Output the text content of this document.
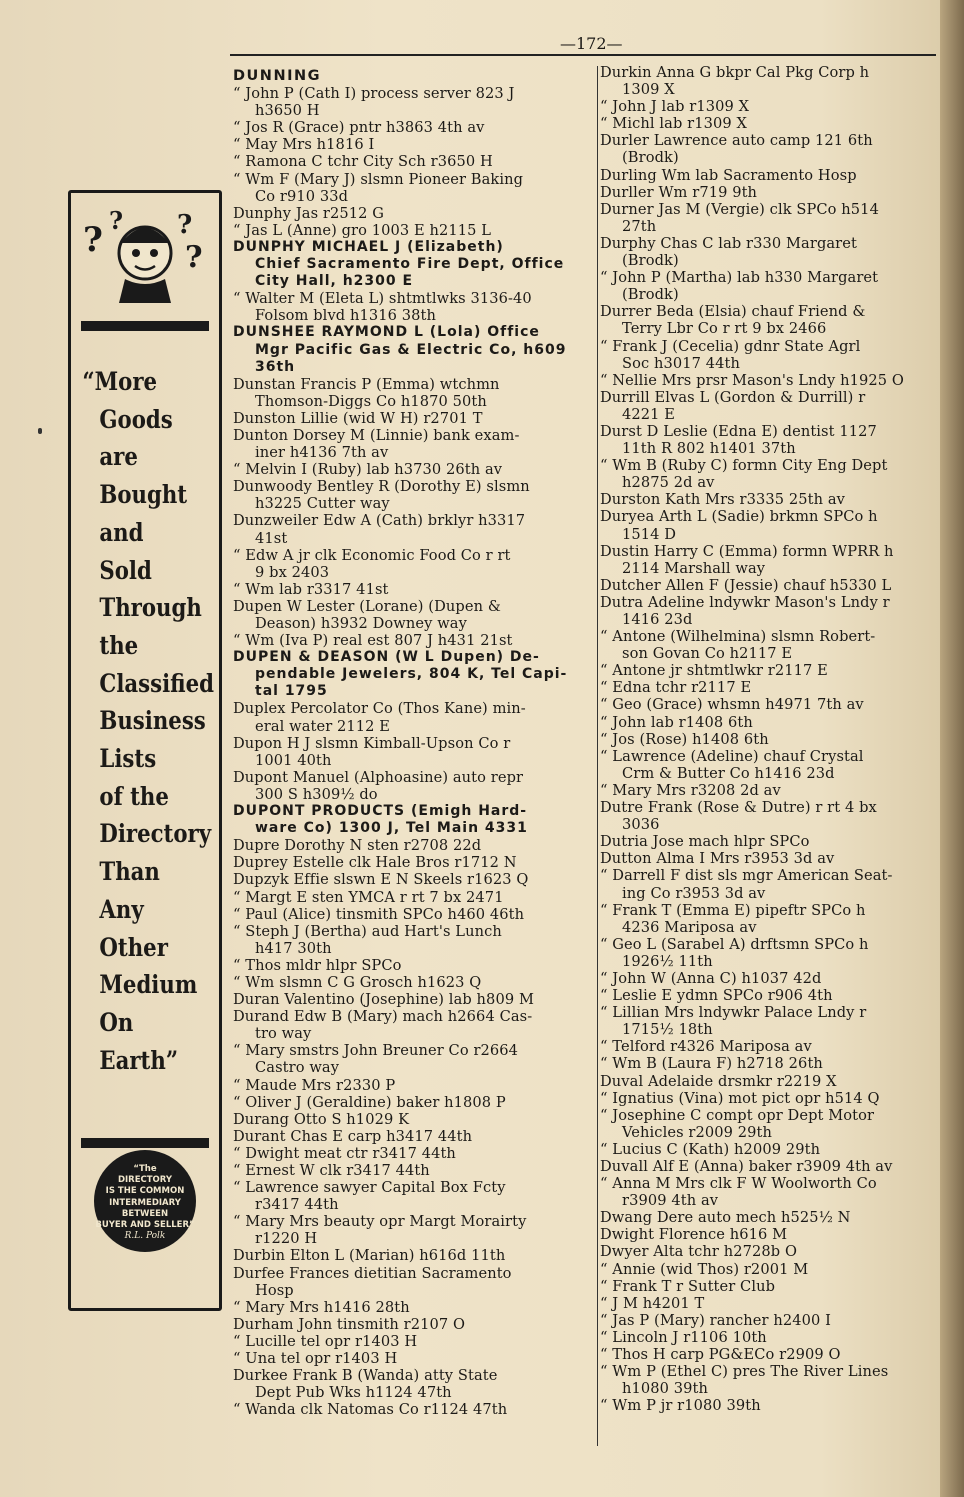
—172—
? ? ?
?
“More
Goods
are
Bought
and
Sold
Through
the
Classified
Business
Lists
of the
Directory
Than
Any
Other
Medium
On
Earth”
“The
DIRECTORY
IS THE COMMON
INTERMEDIARY
BETWEEN
BUYER AND SELLER”
R.L. Polk
DUNNING
“ John P (Cath I) process server 823 J
h3650 H
“ Jos R (Grace) pntr h3863 4th av
“ May Mrs h1816 I
“ Ramona C tchr City Sch r3650 H
“ Wm F (Mary J) slsmn Pioneer Baking
Co r910 33d
Dunphy Jas r2512 G
“ Jas L (Anne) gro 1003 E h2115 L
DUNPHY MICHAEL J (Elizabeth)
Chief Sacramento Fire Dept, Office
City Hall, h2300 E
“ Walter M (Eleta L) shtmtlwks 3136-40
Folsom blvd h1316 38th
DUNSHEE RAYMOND L (Lola) Office
Mgr Pacific Gas & Electric Co, h609
36th
Dunstan Francis P (Emma) wtchmn
Thomson-Diggs Co h1870 50th
Dunston Lillie (wid W H) r2701 T
Dunton Dorsey M (Linnie) bank exam-
iner h4136 7th av
“ Melvin I (Ruby) lab h3730 26th av
Dunwoody Bentley R (Dorothy E) slsmn
h3225 Cutter way
Dunzweiler Edw A (Cath) brklyr h3317
41st
“ Edw A jr clk Economic Food Co r rt
9 bx 2403
“ Wm lab r3317 41st
Dupen W Lester (Lorane) (Dupen &
Deason) h3932 Downey way
“ Wm (Iva P) real est 807 J h431 21st
DUPEN & DEASON (W L Dupen) De-
pendable Jewelers, 804 K, Tel Capi-
tal 1795
Duplex Percolator Co (Thos Kane) min-
eral water 2112 E
Dupon H J slsmn Kimball-Upson Co r
1001 40th
Dupont Manuel (Alphoasine) auto repr
300 S h309½ do
DUPONT PRODUCTS (Emigh Hard-
ware Co) 1300 J, Tel Main 4331
Dupre Dorothy N sten r2708 22d
Duprey Estelle clk Hale Bros r1712 N
Dupzyk Effie slswn E N Skeels r1623 Q
“ Margt E sten YMCA r rt 7 bx 2471
“ Paul (Alice) tinsmith SPCo h460 46th
“ Steph J (Bertha) aud Hart's Lunch
h417 30th
“ Thos mldr hlpr SPCo
“ Wm slsmn C G Grosch h1623 Q
Duran Valentino (Josephine) lab h809 M
Durand Edw B (Mary) mach h2664 Cas-
tro way
“ Mary smstrs John Breuner Co r2664
Castro way
“ Maude Mrs r2330 P
“ Oliver J (Geraldine) baker h1808 P
Durang Otto S h1029 K
Durant Chas E carp h3417 44th
“ Dwight meat ctr r3417 44th
“ Ernest W clk r3417 44th
“ Lawrence sawyer Capital Box Fcty
r3417 44th
“ Mary Mrs beauty opr Margt Morairty
r1220 H
Durbin Elton L (Marian) h616d 11th
Durfee Frances dietitian Sacramento
Hosp
“ Mary Mrs h1416 28th
Durham John tinsmith r2107 O
“ Lucille tel opr r1403 H
“ Una tel opr r1403 H
Durkee Frank B (Wanda) atty State
Dept Pub Wks h1124 47th
“ Wanda clk Natomas Co r1124 47th
Durkin Anna G bkpr Cal Pkg Corp h
1309 X
“ John J lab r1309 X
“ Michl lab r1309 X
Durler Lawrence auto camp 121 6th
(Brodk)
Durling Wm lab Sacramento Hosp
Durller Wm r719 9th
Durner Jas M (Vergie) clk SPCo h514
27th
Durphy Chas C lab r330 Margaret
(Brodk)
“ John P (Martha) lab h330 Margaret
(Brodk)
Durrer Beda (Elsia) chauf Friend &
Terry Lbr Co r rt 9 bx 2466
“ Frank J (Cecelia) gdnr State Agrl
Soc h3017 44th
“ Nellie Mrs prsr Mason's Lndy h1925 O
Durrill Elvas L (Gordon & Durrill) r
4221 E
Durst D Leslie (Edna E) dentist 1127
11th R 802 h1401 37th
“ Wm B (Ruby C) formn City Eng Dept
h2875 2d av
Durston Kath Mrs r3335 25th av
Duryea Arth L (Sadie) brkmn SPCo h
1514 D
Dustin Harry C (Emma) formn WPRR h
2114 Marshall way
Dutcher Allen F (Jessie) chauf h5330 L
Dutra Adeline lndywkr Mason's Lndy r
1416 23d
“ Antone (Wilhelmina) slsmn Robert-
son Govan Co h2117 E
“ Antone jr shtmtlwkr r2117 E
“ Edna tchr r2117 E
“ Geo (Grace) whsmn h4971 7th av
“ John lab r1408 6th
“ Jos (Rose) h1408 6th
“ Lawrence (Adeline) chauf Crystal
Crm & Butter Co h1416 23d
“ Mary Mrs r3208 2d av
Dutre Frank (Rose & Dutre) r rt 4 bx
3036
Dutria Jose mach hlpr SPCo
Dutton Alma I Mrs r3953 3d av
“ Darrell F dist sls mgr American Seat-
ing Co r3953 3d av
“ Frank T (Emma E) pipeftr SPCo h
4236 Mariposa av
“ Geo L (Sarabel A) drftsmn SPCo h
1926½ 11th
“ John W (Anna C) h1037 42d
“ Leslie E ydmn SPCo r906 4th
“ Lillian Mrs lndywkr Palace Lndy r
1715½ 18th
“ Telford r4326 Mariposa av
“ Wm B (Laura F) h2718 26th
Duval Adelaide drsmkr r2219 X
“ Ignatius (Vina) mot pict opr h514 Q
“ Josephine C compt opr Dept Motor
Vehicles r2009 29th
“ Lucius C (Kath) h2009 29th
Duvall Alf E (Anna) baker r3909 4th av
“ Anna M Mrs clk F W Woolworth Co
r3909 4th av
Dwang Dere auto mech h525½ N
Dwight Florence h616 M
Dwyer Alta tchr h2728b O
“ Annie (wid Thos) r2001 M
“ Frank T r Sutter Club
“ J M h4201 T
“ Jas P (Mary) rancher h2400 I
“ Lincoln J r1106 10th
“ Thos H carp PG&ECo r2909 O
“ Wm P (Ethel C) pres The River Lines
h1080 39th
“ Wm P jr r1080 39th
